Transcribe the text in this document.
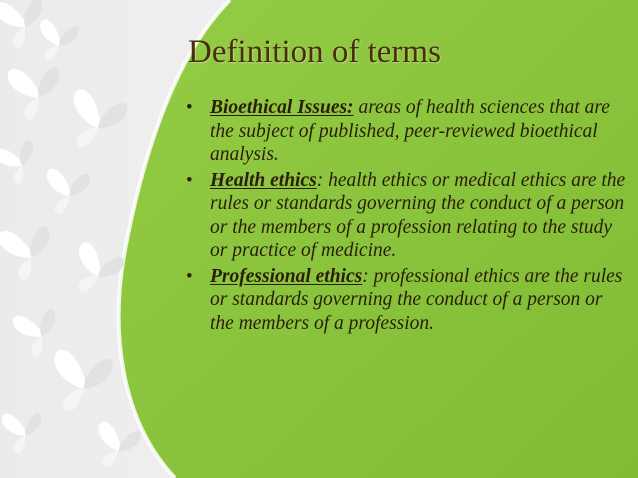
Definition of terms
• Bioethical Issues: areas of health sciences that are the subject of published, peer-reviewed bioethical analysis.
• Health ethics: health ethics or medical ethics are the rules or standards governing the conduct of a person or the members of a profession relating to the study or practice of medicine.
• Professional ethics: professional ethics are the rules or standards governing the conduct of a person or the members of a profession.
